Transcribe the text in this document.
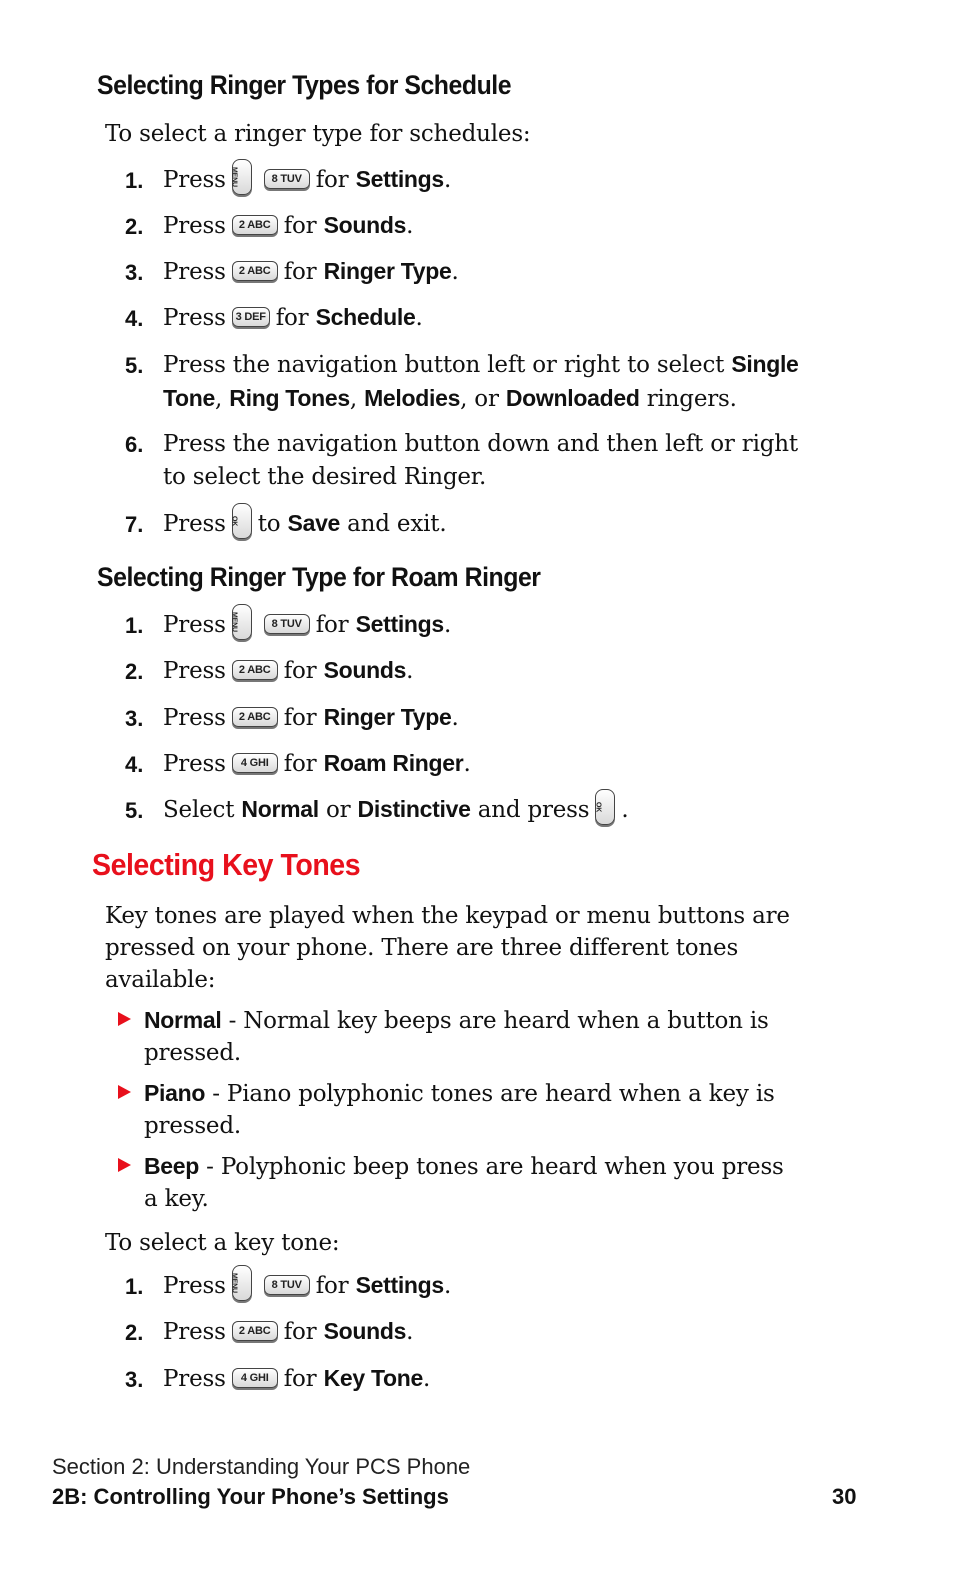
Selecting Ringer Types for Schedule
To select a ringer type for schedules:
1. Press MENU	8 TUV for Settings.
2. Press 2 ABC for Sounds.
3. Press 2 ABC for Ringer Type.
4. Press 3 DEF for Schedule.
5. Press the navigation button left or right to select Single Tone, Ring Tones, Melodies, or Downloaded ringers.
6. Press the navigation button down and then left or right to select the desired Ringer.
7. Press OK to Save and exit.
Selecting Ringer Type for Roam Ringer
1. Press MENU	8 TUV for Settings.
2. Press 2 ABC for Sounds.
3. Press 2 ABC for Ringer Type.
4. Press 4 GHI for Roam Ringer.
5. Select Normal or Distinctive and press OK .
Selecting Key Tones
Key tones are played when the keypad or menu buttons are pressed on your phone. There are three different tones available:
Normal - Normal key beeps are heard when a button is pressed.
Piano - Piano polyphonic tones are heard when a key is pressed.
Beep - Polyphonic beep tones are heard when you press a key.
To select a key tone:
1. Press MENU	8 TUV for Settings.
2. Press 2 ABC for Sounds.
3. Press 4 GHI for Key Tone.
Section 2: Understanding Your PCS Phone
2B: Controlling Your Phone’s Settings	30
